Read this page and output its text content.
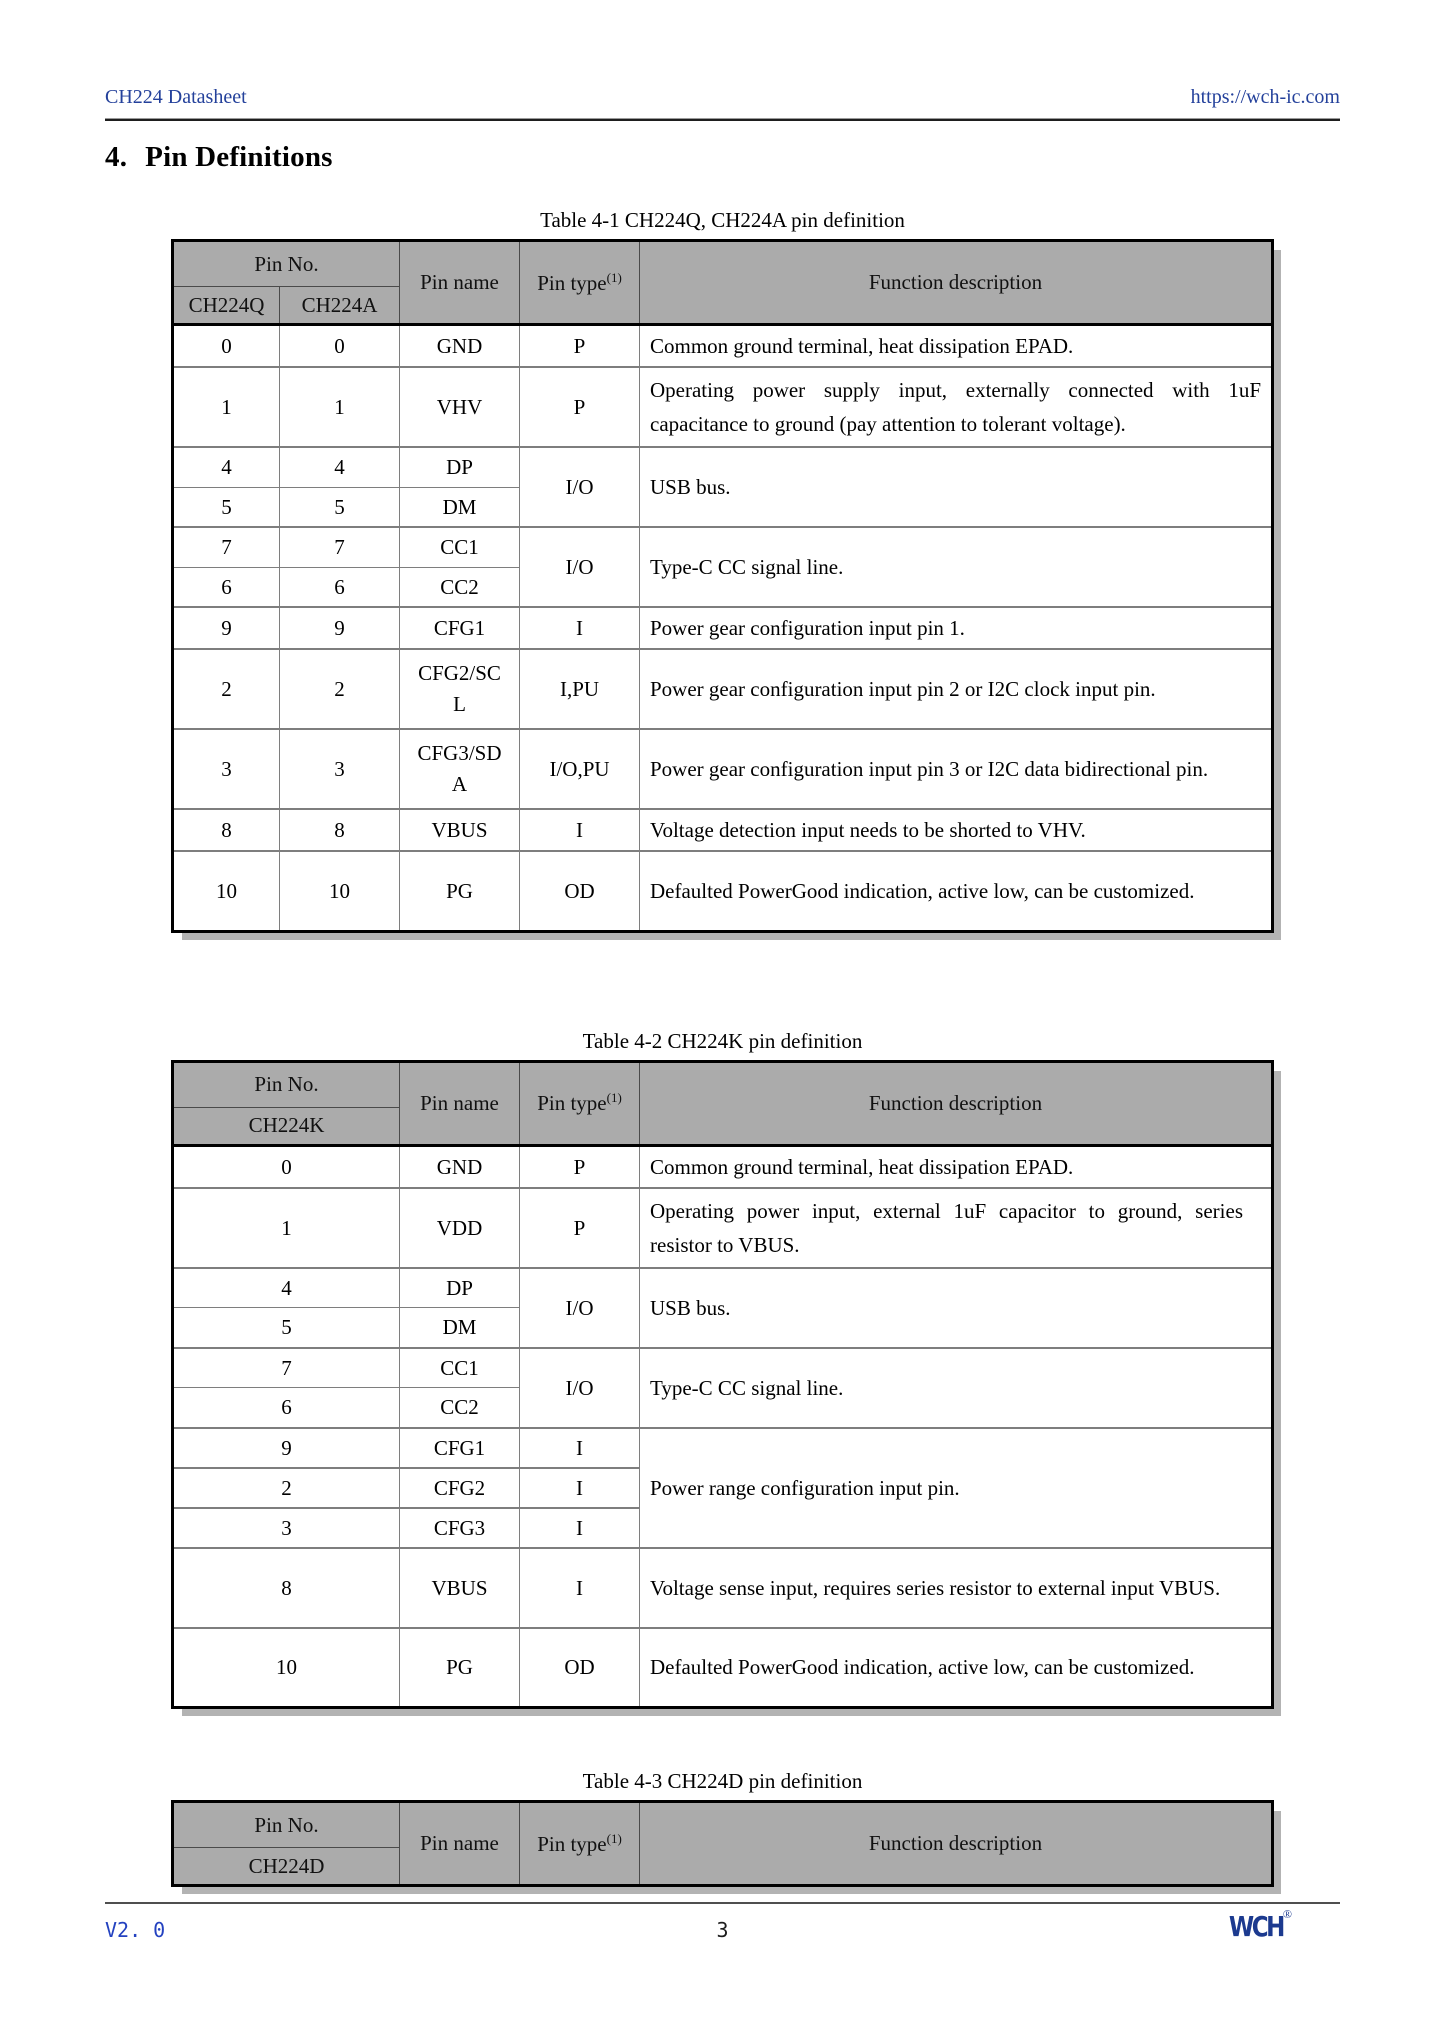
CH224 Datasheet	https://wch-ic.com
4. Pin Definitions
Table 4-1 CH224Q, CH224A pin definition
Pin No.		Pin name	Pin type$^{(1)}$	Function description
CH224Q	CH224A			
0	0	GND	P	Common ground terminal, heat dissipation EPAD.
1	1	VHV	P	Operating power supply input, externally connected with 1uF capacitance to ground (pay attention to tolerant voltage).
4	4	DP	I/O	USB bus.
5	5	DM		
7	7	CC1	I/O	Type-C CC signal line.
6	6	CC2		
9	9	CFG1	I	Power gear configuration input pin 1.
2	2	CFG2/SCL	I,PU	Power gear configuration input pin 2 or I2C clock input pin.
3	3	CFG3/SDA	I/O,PU	Power gear configuration input pin 3 or I2C data bidirectional pin.
8	8	VBUS	I	Voltage detection input needs to be shorted to VHV.
10	10	PG	OD	Defaulted PowerGood indication, active low, can be customized.
Table 4-2 CH224K pin definition
Pin No.	Pin name	Pin type$^{(1)}$	Function description
CH224K			
0	GND	P	Common ground terminal, heat dissipation EPAD.
1	VDD	P	Operating power input, external 1uF capacitor to ground, series resistor to VBUS.

4	DP	I/O	USB bus.
5	DM		
7	CC1	I/O	Type-C CC signal line.
6	CC2		
9	CFG1	I	Power range configuration input pin.
2	CFG2	I	
3	CFG3	I	
8	VBUS	I	Voltage sense input, requires series resistor to external input VBUS.
10	PG	OD	Defaulted PowerGood indication, active low, can be customized.
Table 4-3 CH224D pin definition
Pin No.	Pin name	Pin type$^{(1)}$	Function description
CH224D
V2. 0	3	WCH®
